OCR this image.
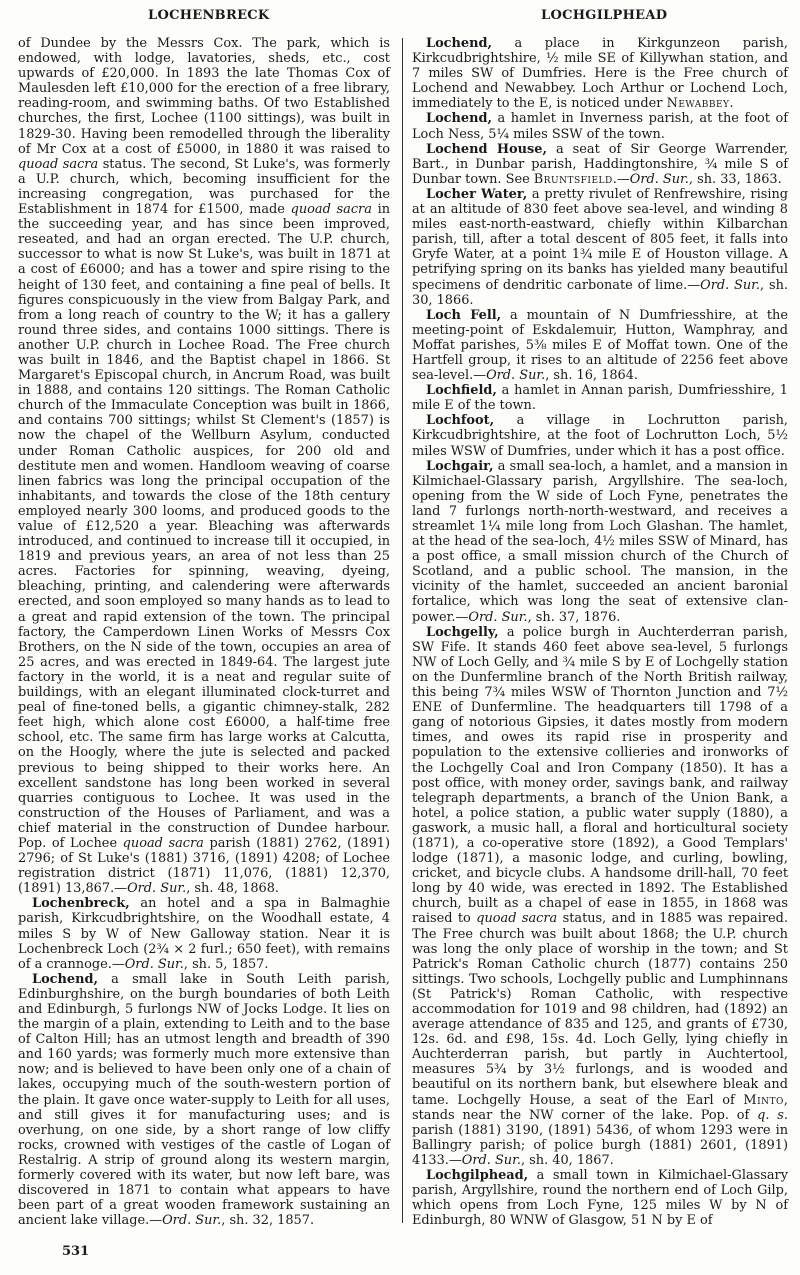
LOCHENBRECK	LOCHGILPHEAD

of Dundee by the Messrs Cox. The park, which is endowed, with lodge, lavatories, sheds, etc., cost upwards of £20,000. In 1893 the late Thomas Cox of Maulesden left £10,000 for the erection of a free library, reading-room, and swimming baths. Of two Established churches, the first, Lochee (1100 sittings), was built in 1829-30. Having been remodelled through the liberality of Mr Cox at a cost of £5000, in 1880 it was raised to quoad sacra status. The second, St Luke's, was formerly a U.P. church, which, becoming insufficient for the increasing congregation, was purchased for the Establishment in 1874 for £1500, made quoad sacra in the succeeding year, and has since been improved, reseated, and had an organ erected. The U.P. church, successor to what is now St Luke's, was built in 1871 at a cost of £6000; and has a tower and spire rising to the height of 130 feet, and containing a fine peal of bells. It figures conspicuously in the view from Balgay Park, and from a long reach of country to the W; it has a gallery round three sides, and contains 1000 sittings. There is another U.P. church in Lochee Road. The Free church was built in 1846, and the Baptist chapel in 1866. St Margaret's Episcopal church, in Ancrum Road, was built in 1888, and contains 120 sittings. The Roman Catholic church of the Immaculate Conception was built in 1866, and contains 700 sittings; whilst St Clement's (1857) is now the chapel of the Wellburn Asylum, conducted under Roman Catholic auspices, for 200 old and destitute men and women. Handloom weaving of coarse linen fabrics was long the principal occupation of the inhabitants, and towards the close of the 18th century employed nearly 300 looms, and produced goods to the value of £12,520 a year. Bleaching was afterwards introduced, and continued to increase till it occupied, in 1819 and previous years, an area of not less than 25 acres. Factories for spinning, weaving, dyeing, bleaching, printing, and calendering were afterwards erected, and soon employed so many hands as to lead to a great and rapid extension of the town. The principal factory, the Camperdown Linen Works of Messrs Cox Brothers, on the N side of the town, occupies an area of 25 acres, and was erected in 1849-64. The largest jute factory in the world, it is a neat and regular suite of buildings, with an elegant illuminated clock-turret and peal of fine-toned bells, a gigantic chimney-stalk, 282 feet high, which alone cost £6000, a half-time free school, etc. The same firm has large works at Calcutta, on the Hoogly, where the jute is selected and packed previous to being shipped to their works here. An excellent sandstone has long been worked in several quarries contiguous to Lochee. It was used in the construction of the Houses of Parliament, and was a chief material in the construction of Dundee harbour. Pop. of Lochee quoad sacra parish (1881) 2762, (1891) 2796; of St Luke's (1881) 3716, (1891) 4208; of Lochee registration district (1871) 11,076, (1881) 12,370, (1891) 13,867.—Ord. Sur., sh. 48, 1868.

Lochenbreck, an hotel and a spa in Balmaghie parish, Kirkcudbrightshire, on the Woodhall estate, 4 miles S by W of New Galloway station. Near it is Lochenbreck Loch (2¾ × 2 furl.; 650 feet), with remains of a crannoge.—Ord. Sur., sh. 5, 1857.

Lochend, a small lake in South Leith parish, Edinburghshire, on the burgh boundaries of both Leith and Edinburgh, 5 furlongs NW of Jocks Lodge. It lies on the margin of a plain, extending to Leith and to the base of Calton Hill; has an utmost length and breadth of 390 and 160 yards; was formerly much more extensive than now; and is believed to have been only one of a chain of lakes, occupying much of the south-western portion of the plain. It gave once water-supply to Leith for all uses, and still gives it for manufacturing uses; and is overhung, on one side, by a short range of low cliffy rocks, crowned with vestiges of the castle of Logan of Restalrig. A strip of ground along its western margin, formerly covered with its water, but now left bare, was discovered in 1871 to contain what appears to have been part of a great wooden framework sustaining an ancient lake village.—Ord. Sur., sh. 32, 1857.

Lochend, a place in Kirkgunzeon parish, Kirkcudbrightshire, ½ mile SE of Killywhan station, and 7 miles SW of Dumfries. Here is the Free church of Lochend and Newabbey. Loch Arthur or Lochend Loch, immediately to the E, is noticed under Newabbey.

Lochend, a hamlet in Inverness parish, at the foot of Loch Ness, 5¼ miles SSW of the town.

Lochend House, a seat of Sir George Warrender, Bart., in Dunbar parish, Haddingtonshire, ¾ mile S of Dunbar town. See Bruntsfield.—Ord. Sur., sh. 33, 1863.

Locher Water, a pretty rivulet of Renfrewshire, rising at an altitude of 830 feet above sea-level, and winding 8 miles east-north-eastward, chiefly within Kilbarchan parish, till, after a total descent of 805 feet, it falls into Gryfe Water, at a point 1¾ mile E of Houston village. A petrifying spring on its banks has yielded many beautiful specimens of dendritic carbonate of lime.—Ord. Sur., sh. 30, 1866.

Loch Fell, a mountain of N Dumfriesshire, at the meeting-point of Eskdalemuir, Hutton, Wamphray, and Moffat parishes, 5⅜ miles E of Moffat town. One of the Hartfell group, it rises to an altitude of 2256 feet above sea-level.—Ord. Sur., sh. 16, 1864.

Lochfield, a hamlet in Annan parish, Dumfriesshire, 1 mile E of the town.

Lochfoot, a village in Lochrutton parish, Kirkcudbrightshire, at the foot of Lochrutton Loch, 5½ miles WSW of Dumfries, under which it has a post office.

Lochgair, a small sea-loch, a hamlet, and a mansion in Kilmichael-Glassary parish, Argyllshire. The sea-loch, opening from the W side of Loch Fyne, penetrates the land 7 furlongs north-north-westward, and receives a streamlet 1¼ mile long from Loch Glashan. The hamlet, at the head of the sea-loch, 4½ miles SSW of Minard, has a post office, a small mission church of the Church of Scotland, and a public school. The mansion, in the vicinity of the hamlet, succeeded an ancient baronial fortalice, which was long the seat of extensive clan-power.—Ord. Sur., sh. 37, 1876.

Lochgelly, a police burgh in Auchterderran parish, SW Fife. It stands 460 feet above sea-level, 5 furlongs NW of Loch Gelly, and ¾ mile S by E of Lochgelly station on the Dunfermline branch of the North British railway, this being 7¾ miles WSW of Thornton Junction and 7½ ENE of Dunfermline. The headquarters till 1798 of a gang of notorious Gipsies, it dates mostly from modern times, and owes its rapid rise in prosperity and population to the extensive collieries and ironworks of the Lochgelly Coal and Iron Company (1850). It has a post office, with money order, savings bank, and railway telegraph departments, a branch of the Union Bank, a hotel, a police station, a public water supply (1880), a gaswork, a music hall, a floral and horticultural society (1871), a co-operative store (1892), a Good Templars' lodge (1871), a masonic lodge, and curling, bowling, cricket, and bicycle clubs. A handsome drill-hall, 70 feet long by 40 wide, was erected in 1892. The Established church, built as a chapel of ease in 1855, in 1868 was raised to quoad sacra status, and in 1885 was repaired. The Free church was built about 1868; the U.P. church was long the only place of worship in the town; and St Patrick's Roman Catholic church (1877) contains 250 sittings. Two schools, Lochgelly public and Lumphinnans (St Patrick's) Roman Catholic, with respective accommodation for 1019 and 98 children, had (1892) an average attendance of 835 and 125, and grants of £730, 12s. 6d. and £98, 15s. 4d. Loch Gelly, lying chiefly in Auchterderran parish, but partly in Auchtertool, measures 5¾ by 3½ furlongs, and is wooded and beautiful on its northern bank, but elsewhere bleak and tame. Lochgelly House, a seat of the Earl of Minto, stands near the NW corner of the lake. Pop. of q. s. parish (1881) 3190, (1891) 5436, of whom 1293 were in Ballingry parish; of police burgh (1881) 2601, (1891) 4133.—Ord. Sur., sh. 40, 1867.

Lochgilphead, a small town in Kilmichael-Glassary parish, Argyllshire, round the northern end of Loch Gilp, which opens from Loch Fyne, 125 miles W by N of Edinburgh, 80 WNW of Glasgow, 51 N by E of

531
